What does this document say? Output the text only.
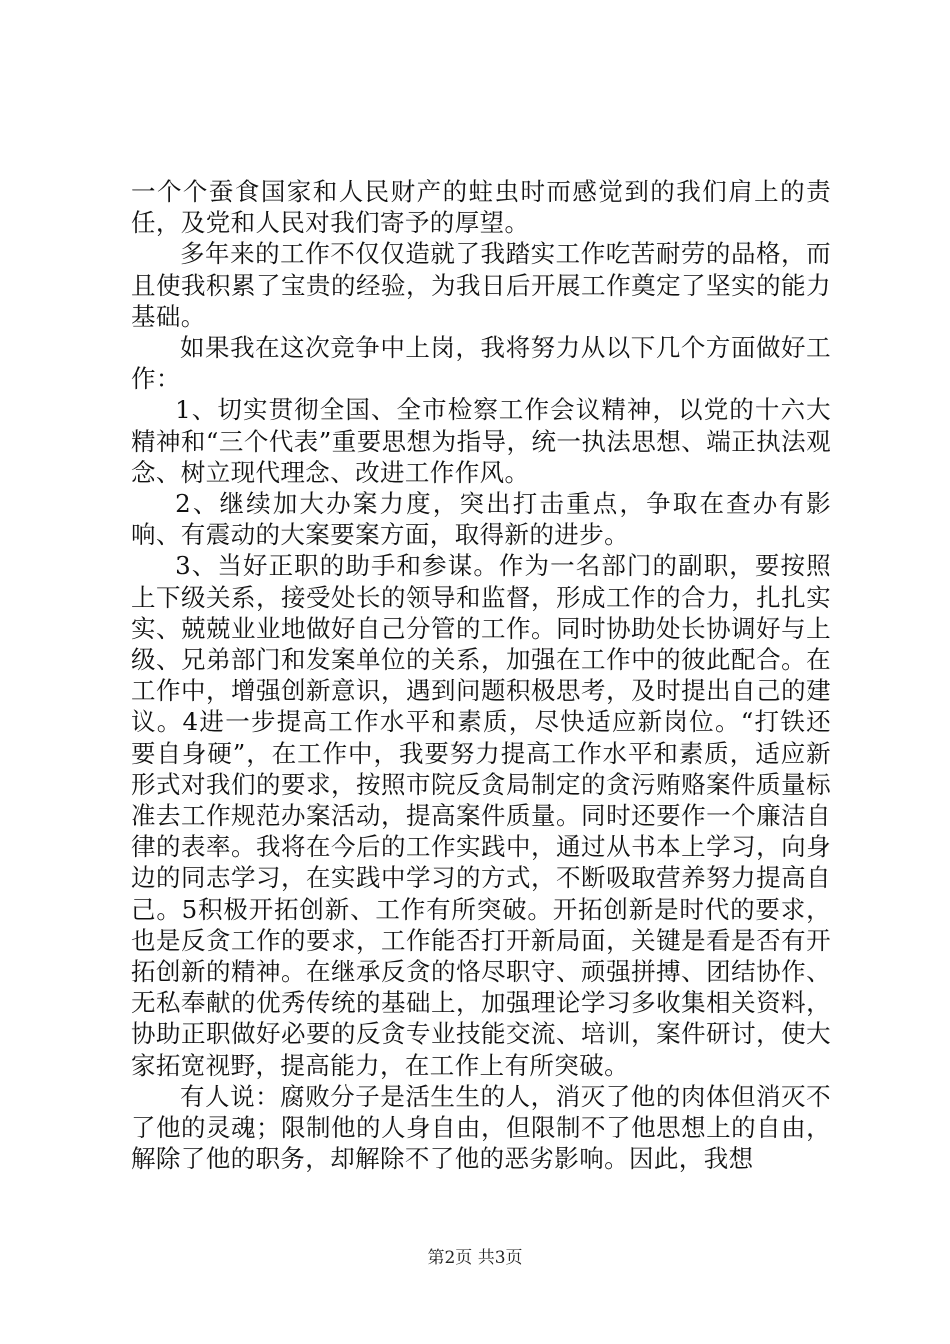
一个个蚕食国家和人民财产的蛀虫时而感觉到的我们肩上的责任，及党和人民对我们寄予的厚望。

多年来的工作不仅仅造就了我踏实工作吃苦耐劳的品格，而且使我积累了宝贵的经验，为我日后开展工作奠定了坚实的能力基础。

如果我在这次竞争中上岗，我将努力从以下几个方面做好工作：

1、切实贯彻全国、全市检察工作会议精神，以党的十六大精神和“三个代表”重要思想为指导，统一执法思想、端正执法观念、树立现代理念、改进工作作风。

2、继续加大办案力度，突出打击重点，争取在查办有影响、有震动的大案要案方面，取得新的进步。

3、当好正职的助手和参谋。作为一名部门的副职，要按照上下级关系，接受处长的领导和监督，形成工作的合力，扎扎实实、兢兢业业地做好自己分管的工作。同时协助处长协调好与上级、兄弟部门和发案单位的关系，加强在工作中的彼此配合。在工作中，增强创新意识，遇到问题积极思考，及时提出自己的建议。4进一步提高工作水平和素质，尽快适应新岗位。“打铁还要自身硬”，在工作中，我要努力提高工作水平和素质，适应新形式对我们的要求，按照市院反贪局制定的贪污贿赂案件质量标准去工作规范办案活动，提高案件质量。同时还要作一个廉洁自律的表率。我将在今后的工作实践中，通过从书本上学习，向身边的同志学习，在实践中学习的方式，不断吸取营养努力提高自己。5积极开拓创新、工作有所突破。开拓创新是时代的要求，也是反贪工作的要求，工作能否打开新局面，关键是看是否有开拓创新的精神。在继承反贪的恪尽职守、顽强拼搏、团结协作、无私奉献的优秀传统的基础上，加强理论学习多收集相关资料，协助正职做好必要的反贪专业技能交流、培训，案件研讨，使大家拓宽视野，提高能力，在工作上有所突破。

有人说：腐败分子是活生生的人，消灭了他的肉体但消灭不了他的灵魂；限制他的人身自由，但限制不了他思想上的自由，解除了他的职务，却解除不了他的恶劣影响。因此，我想

第2页 共3页
